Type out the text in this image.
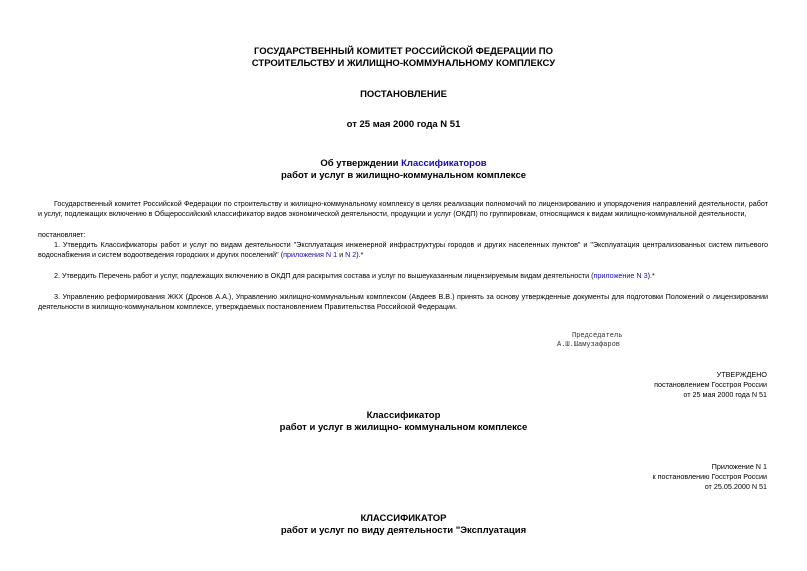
ГОСУДАРСТВЕННЫЙ КОМИТЕТ РОССИЙСКОЙ ФЕДЕРАЦИИ ПО
СТРОИТЕЛЬСТВУ И ЖИЛИЩНО-КОММУНАЛЬНОМУ КОМПЛЕКСУ
ПОСТАНОВЛЕНИЕ
от 25 мая 2000 года N 51
Об утверждении Классификаторов
работ и услуг в жилищно-коммунальном комплексе
Государственный комитет Российской Федерации по строительству и жилищно-коммунальному комплексу в целях реализации полномочий по лицензированию и упорядочения направлений деятельности, работ и услуг, подлежащих включению в Общероссийский классификатор видов экономической деятельности, продукции и услуг (ОКДП) по группировкам, относящимся к видам жилищно-коммунальной деятельности,
постановляет:
1. Утвердить Классификаторы работ и услуг по видам деятельности "Эксплуатация инженерной инфраструктуры городов и других населенных пунктов" и "Эксплуатация централизованных систем питьевого водоснабжения и систем водоотведения городских и других поселений" (приложения N 1 и N 2).*
2. Утвердить Перечень работ и услуг, подлежащих включению в ОКДП для раскрытия состава и услуг по вышеуказанным лицензируемым видам деятельности (приложение N 3).*
3. Управлению реформирования ЖКХ (Дронов А.А.), Управлению жилищно-коммунальным комплексом (Авдеев В.В.) принять за основу утвержденные документы для подготовки Положений о лицензировании деятельности в жилищно-коммунальном комплексе, утверждаемых постановлением Правительства Российской Федерации.
Председатель
А.Ш.Шамузафаров
УТВЕРЖДЕНО
постановлением Госстроя России
от 25 мая 2000 года N 51
Классификатор
работ и услуг в жилищно- коммунальном комплексе
Приложение N 1
к постановлению Госстроя России
от 25.05.2000 N 51
КЛАССИФИКАТОР
работ и услуг по виду деятельности "Эксплуатация
